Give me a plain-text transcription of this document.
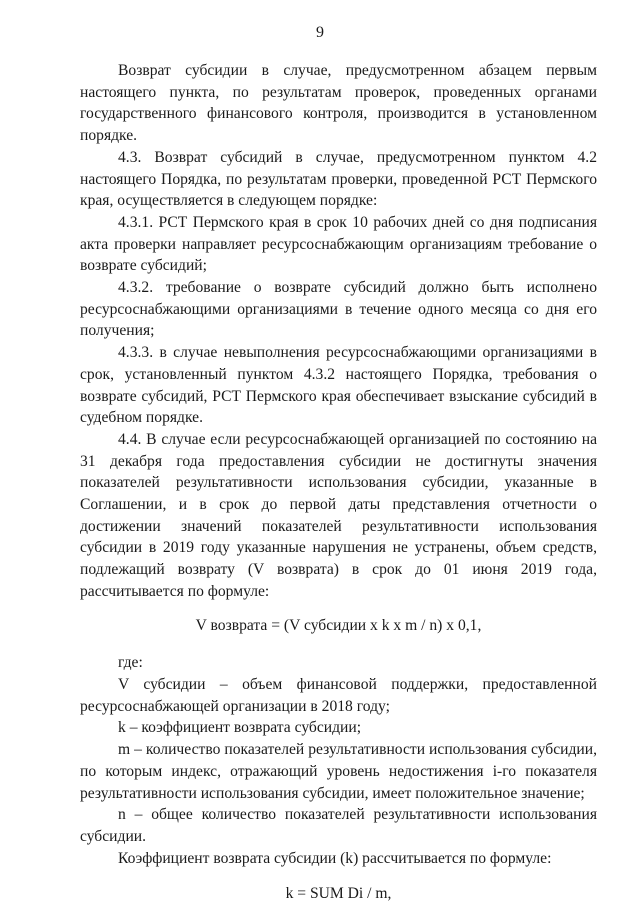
9

Возврат субсидии в случае, предусмотренном абзацем первым настоящего пункта, по результатам проверок, проведенных органами государственного финансового контроля, производится в установленном порядке.

4.3. Возврат субсидий в случае, предусмотренном пунктом 4.2 настоящего Порядка, по результатам проверки, проведенной РСТ Пермского края, осуществляется в следующем порядке:

4.3.1. РСТ Пермского края в срок 10 рабочих дней со дня подписания акта проверки направляет ресурсоснабжающим организациям требование о возврате субсидий;

4.3.2. требование о возврате субсидий должно быть исполнено ресурсоснабжающими организациями в течение одного месяца со дня его получения;

4.3.3. в случае невыполнения ресурсоснабжающими организациями в срок, установленный пунктом 4.3.2 настоящего Порядка, требования о возврате субсидий, РСТ Пермского края обеспечивает взыскание субсидий в судебном порядке.

4.4. В случае если ресурсоснабжающей организацией по состоянию на 31 декабря года предоставления субсидии не достигнуты значения показателей результативности использования субсидии, указанные в Соглашении, и в срок до первой даты представления отчетности о достижении значений показателей результативности использования субсидии в 2019 году указанные нарушения не устранены, объем средств, подлежащий возврату (V возврата) в срок до 01 июня 2019 года, рассчитывается по формуле:

V возврата = (V субсидии x k x m / n) x 0,1,

где:

V субсидии – объем финансовой поддержки, предоставленной ресурсоснабжающей организации в 2018 году;

k – коэффициент возврата субсидии;

m – количество показателей результативности использования субсидии, по которым индекс, отражающий уровень недостижения i-го показателя результативности использования субсидии, имеет положительное значение;

n – общее количество показателей результативности использования субсидии.

Коэффициент возврата субсидии (k) рассчитывается по формуле:

k = SUM Di / m,
